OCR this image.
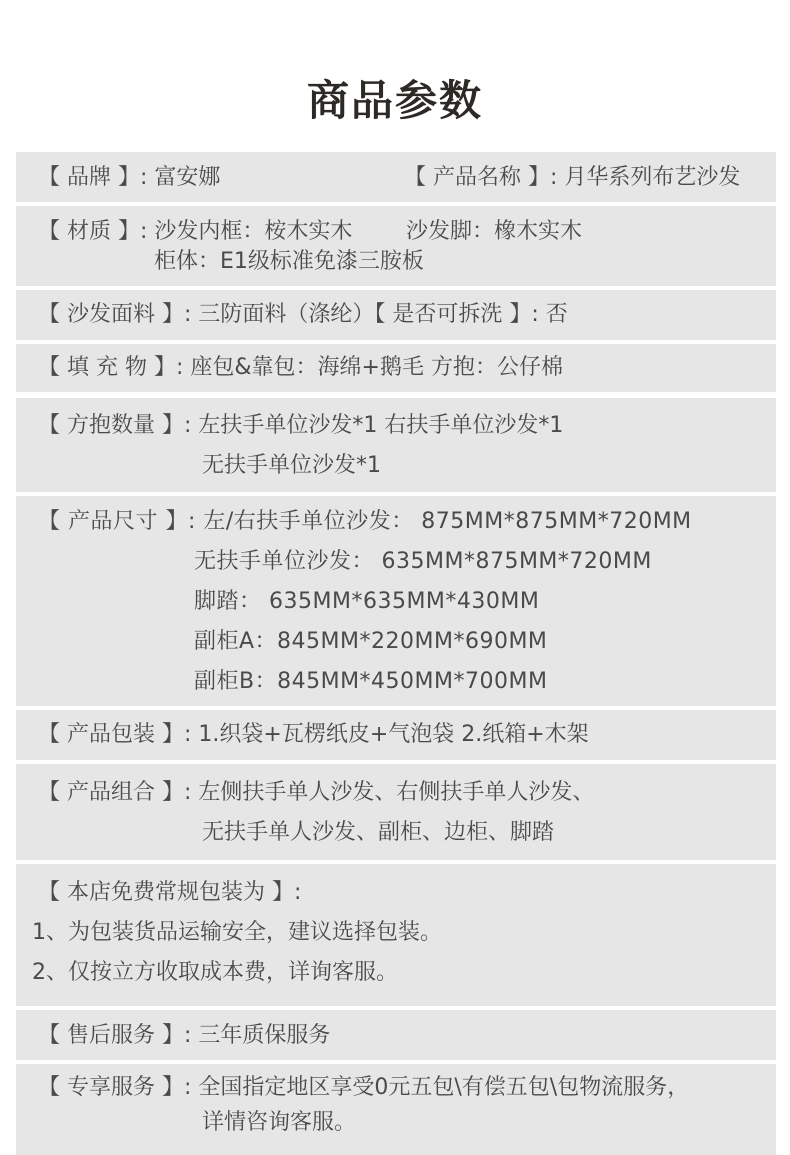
商品参数
【 品牌 】: 富安娜	【 产品名称 】: 月华系列布艺沙发
【 材质 】: 沙发内框：桉木实木 沙发脚：橡木实木
柜体：E1级标准免漆三胺板
【 沙发面料 】: 三防面料（涤纶）【 是否可拆洗 】: 否
【 填 充 物 】: 座包&靠包：海绵+鹅毛 方抱：公仔棉
【 方抱数量 】: 左扶手单位沙发*1 右扶手单位沙发*1
无扶手单位沙发*1
【 产品尺寸 】: 左/右扶手单位沙发： 875MM*875MM*720MM
无扶手单位沙发： 635MM*875MM*720MM
脚踏： 635MM*635MM*430MM
副柜A：845MM*220MM*690MM
副柜B：845MM*450MM*700MM
【 产品包装 】: 1.织袋+瓦楞纸皮+气泡袋 2.纸箱+木架
【 产品组合 】: 左侧扶手单人沙发、右侧扶手单人沙发、
无扶手单人沙发、副柜、边柜、脚踏
【 本店免费常规包装为 】:
1、为包装货品运输安全，建议选择包装。
2、仅按立方收取成本费，详询客服。
【 售后服务 】: 三年质保服务
【 专享服务 】: 全国指定地区享受0元五包\有偿五包\包物流服务，
详情咨询客服。
